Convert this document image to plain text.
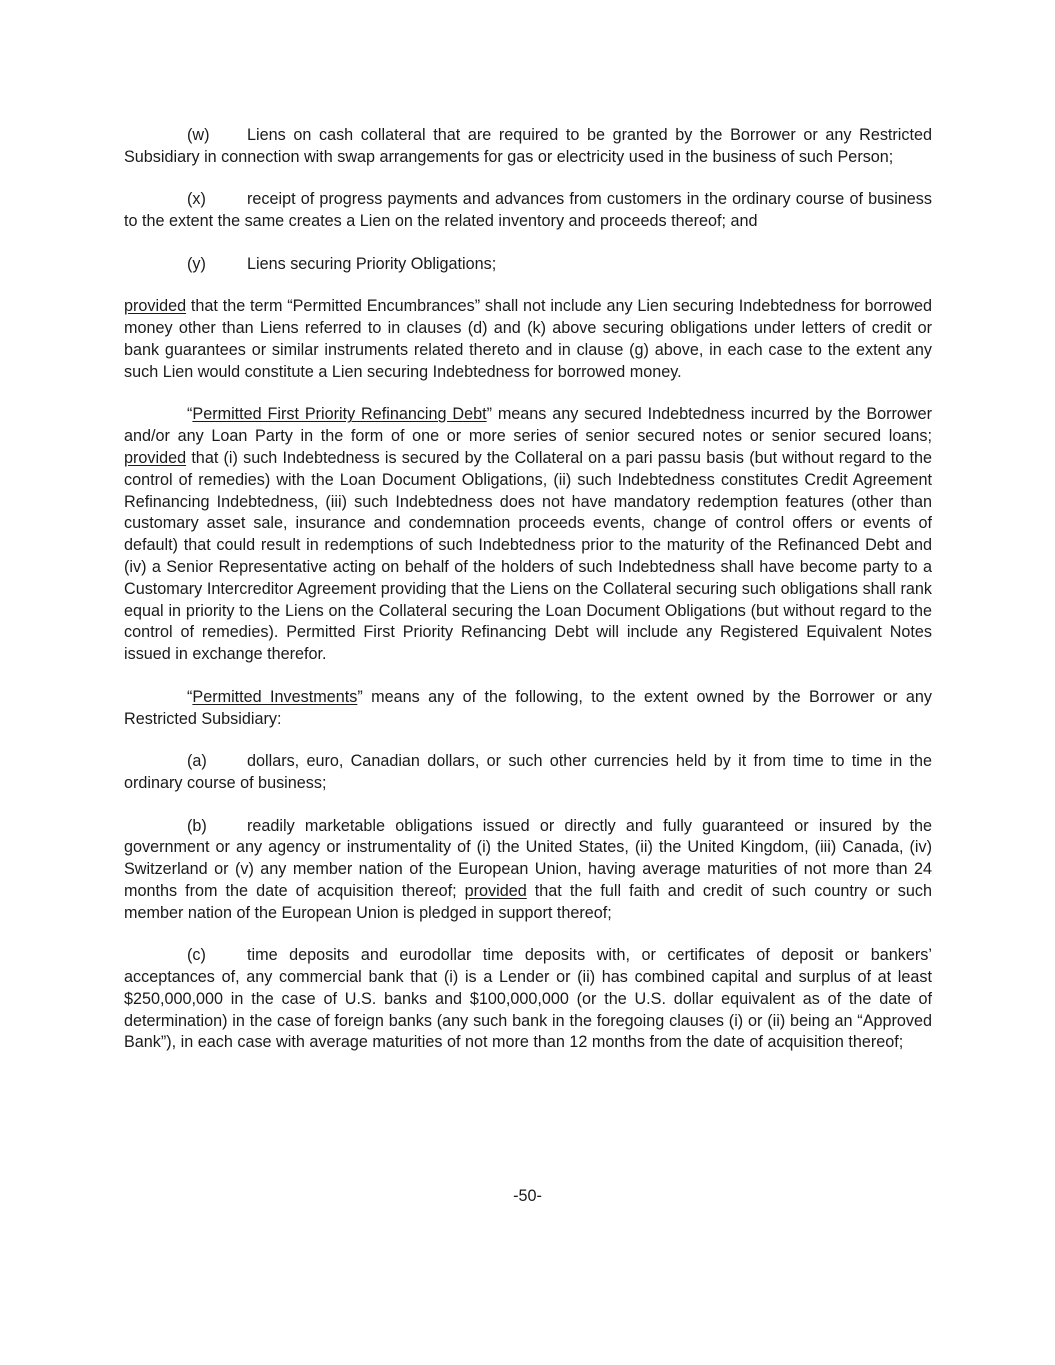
(w) Liens on cash collateral that are required to be granted by the Borrower or any Restricted Subsidiary in connection with swap arrangements for gas or electricity used in the business of such Person;

(x)	receipt of progress payments and advances from customers in the ordinary course of business to the extent the same creates a Lien on the related inventory and proceeds thereof; and

(y)	Liens securing Priority Obligations;

provided that the term “Permitted Encumbrances” shall not include any Lien securing Indebtedness for borrowed money other than Liens referred to in clauses (d) and (k) above securing obligations under letters of credit or bank guarantees or similar instruments related thereto and in clause (g) above, in each case to the extent any such Lien would constitute a Lien securing Indebtedness for borrowed money.

“Permitted First Priority Refinancing Debt” means any secured Indebtedness incurred by the Borrower and/or any Loan Party in the form of one or more series of senior secured notes or senior secured loans; provided that (i) such Indebtedness is secured by the Collateral on a pari passu basis (but without regard to the control of remedies) with the Loan Document Obligations, (ii) such Indebtedness constitutes Credit Agreement Refinancing Indebtedness, (iii) such Indebtedness does not have mandatory redemption features (other than customary asset sale, insurance and condemnation proceeds events, change of control offers or events of default) that could result in redemptions of such Indebtedness prior to the maturity of the Refinanced Debt and (iv) a Senior Representative acting on behalf of the holders of such Indebtedness shall have become party to a Customary Intercreditor Agreement providing that the Liens on the Collateral securing such obligations shall rank equal in priority to the Liens on the Collateral securing the Loan Document Obligations (but without regard to the control of remedies). Permitted First Priority Refinancing Debt will include any Registered Equivalent Notes issued in exchange therefor.

“Permitted Investments” means any of the following, to the extent owned by the Borrower or any Restricted Subsidiary:

(a) dollars, euro, Canadian dollars, or such other currencies held by it from time to time in the ordinary course of business;

(b) readily marketable obligations issued or directly and fully guaranteed or insured by the government or any agency or instrumentality of (i) the United States, (ii) the United Kingdom, (iii) Canada, (iv) Switzerland or (v) any member nation of the European Union, having average maturities of not more than 24 months from the date of acquisition thereof; provided that the full faith and credit of such country or such member nation of the European Union is pledged in support thereof;

(c)	time deposits and eurodollar time deposits with, or certificates of deposit or bankers’ acceptances of, any commercial bank that (i) is a Lender or (ii) has combined capital and surplus of at least $250,000,000 in the case of U.S. banks and $100,000,000 (or the U.S. dollar equivalent as of the date of determination) in the case of foreign banks (any such bank in the foregoing clauses (i) or (ii) being an “Approved Bank”), in each case with average maturities of not more than 12 months from the date of acquisition thereof;

-50-
